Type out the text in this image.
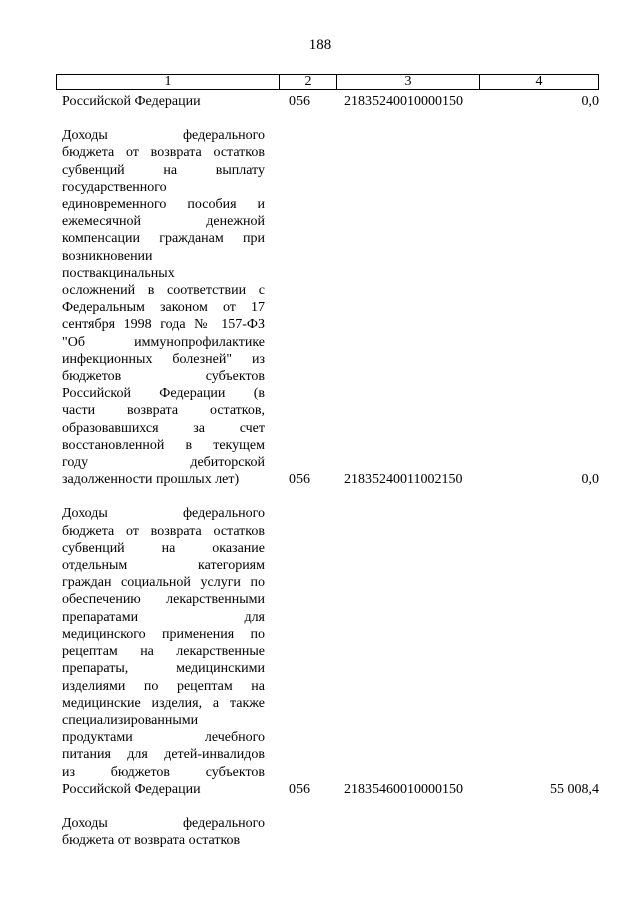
188
1	2	3	4
Российской Федерации	056	21835240010000150	0,0
Доходы федерального
бюджета от возврата остатков
субвенций на выплату
государственного
единовременного пособия и
ежемесячной денежной
компенсации гражданам при
возникновении
поствакцинальных
осложнений в соответствии с
Федеральным законом от 17
сентября 1998 года № 157-ФЗ
"Об иммунопрофилактике
инфекционных болезней" из
бюджетов субъектов
Российской Федерации (в
части возврата остатков,
образовавшихся за счет
восстановленной в текущем
году дебиторской
задолженности прошлых лет)	056	21835240011002150	0,0
Доходы федерального
бюджета от возврата остатков
субвенций на оказание
отдельным категориям
граждан социальной услуги по
обеспечению лекарственными
препаратами для
медицинского применения по
рецептам на лекарственные
препараты, медицинскими
изделиями по рецептам на
медицинские изделия, а также
специализированными
продуктами лечебного
питания для детей-инвалидов
из бюджетов субъектов
Российской Федерации	056	21835460010000150	55 008,4
Доходы федерального
бюджета от возврата остатков
